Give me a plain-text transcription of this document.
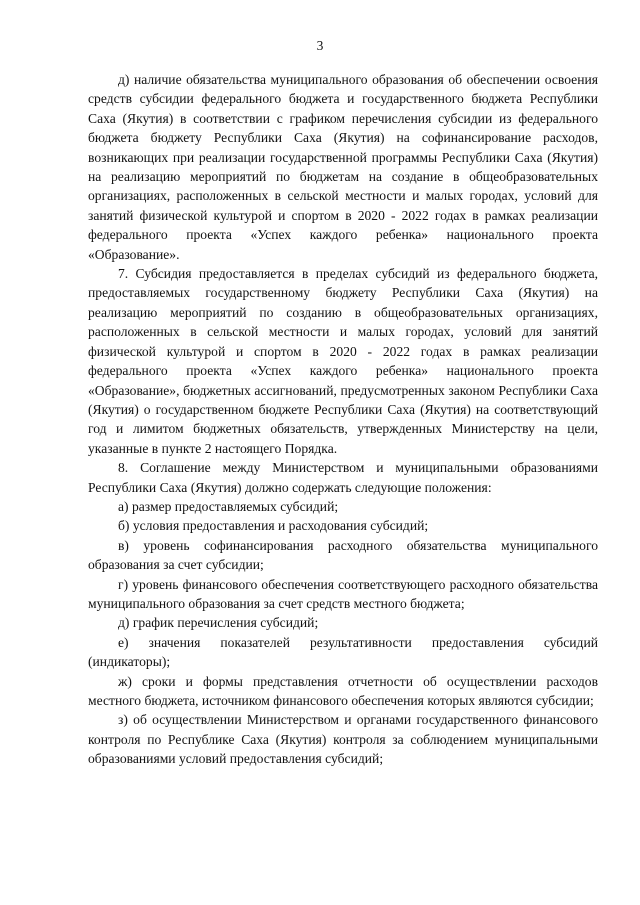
3

д) наличие обязательства муниципального образования об обеспечении освоения средств субсидии федерального бюджета и государственного бюджета Республики Саха (Якутия) в соответствии с графиком перечисления субсидии из федерального бюджета бюджету Республики Саха (Якутия) на софинансирование расходов, возникающих при реализации государственной программы Республики Саха (Якутия) на реализацию мероприятий по бюджетам на создание в общеобразовательных организациях, расположенных в сельской местности и малых городах, условий для занятий физической культурой и спортом в 2020 - 2022 годах в рамках реализации федерального проекта «Успех каждого ребенка» национального проекта «Образование».

7. Субсидия предоставляется в пределах субсидий из федерального бюджета, предоставляемых государственному бюджету Республики Саха (Якутия) на реализацию мероприятий по созданию в общеобразовательных организациях, расположенных в сельской местности и малых городах, условий для занятий физической культурой и спортом в 2020 - 2022 годах в рамках реализации федерального проекта «Успех каждого ребенка» национального проекта «Образование», бюджетных ассигнований, предусмотренных законом Республики Саха (Якутия) о государственном бюджете Республики Саха (Якутия) на соответствующий год и лимитом бюджетных обязательств, утвержденных Министерству на цели, указанные в пункте 2 настоящего Порядка.

8. Соглашение между Министерством и муниципальными образованиями Республики Саха (Якутия) должно содержать следующие положения:

а) размер предоставляемых субсидий;

б) условия предоставления и расходования субсидий;

в) уровень софинансирования расходного обязательства муниципального образования за счет субсидии;

г) уровень финансового обеспечения соответствующего расходного обязательства муниципального образования за счет средств местного бюджета;

д) график перечисления субсидий;

е) значения показателей результативности предоставления субсидий (индикаторы);

ж) сроки и формы представления отчетности об осуществлении расходов местного бюджета, источником финансового обеспечения которых являются субсидии;

з) об осуществлении Министерством и органами государственного финансового контроля по Республике Саха (Якутия) контроля за соблюдением муниципальными образованиями условий предоставления субсидий;
